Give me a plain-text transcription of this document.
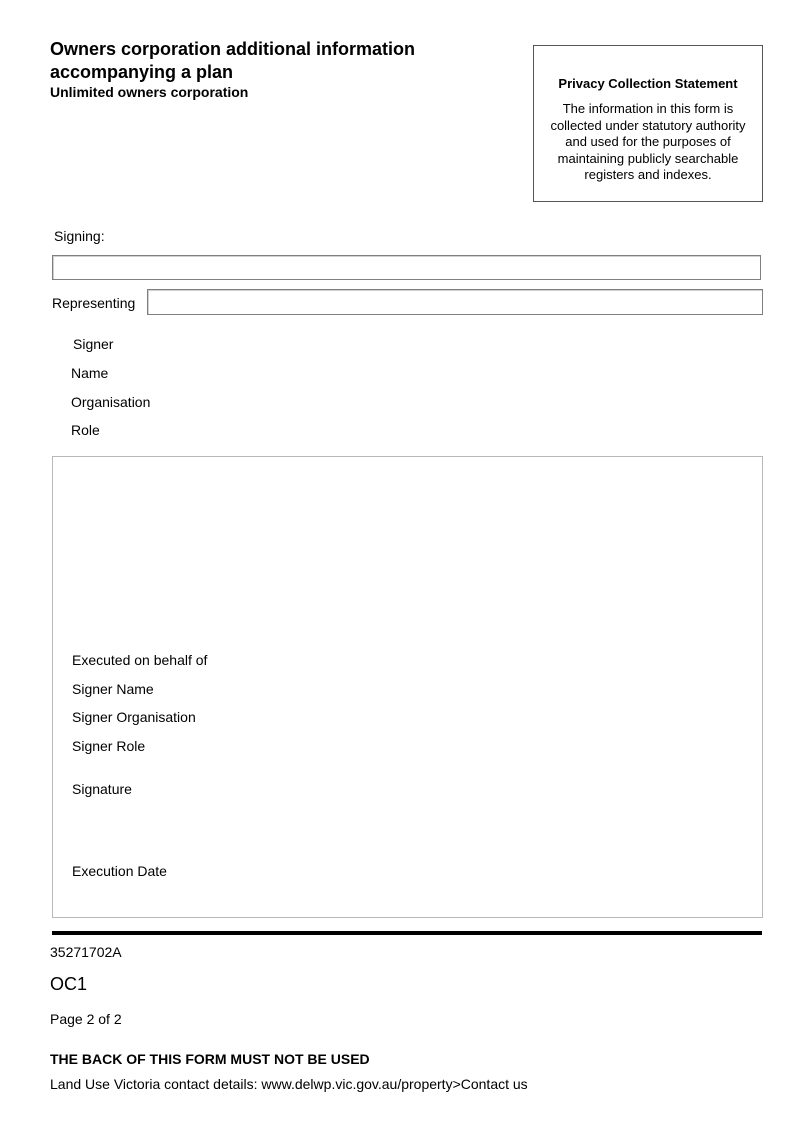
Owners corporation additional information
accompanying a plan
Unlimited owners corporation
Privacy Collection Statement
The information in this form is collected under statutory authority and used for the purposes of maintaining publicly searchable registers and indexes.
Signing:
Representing
Signer
Name
Organisation
Role
Executed on behalf of
Signer Name
Signer Organisation
Signer Role
Signature
Execution Date
35271702A
OC1
Page 2 of 2
THE BACK OF THIS FORM MUST NOT BE USED
Land Use Victoria contact details: www.delwp.vic.gov.au/property>Contact us
